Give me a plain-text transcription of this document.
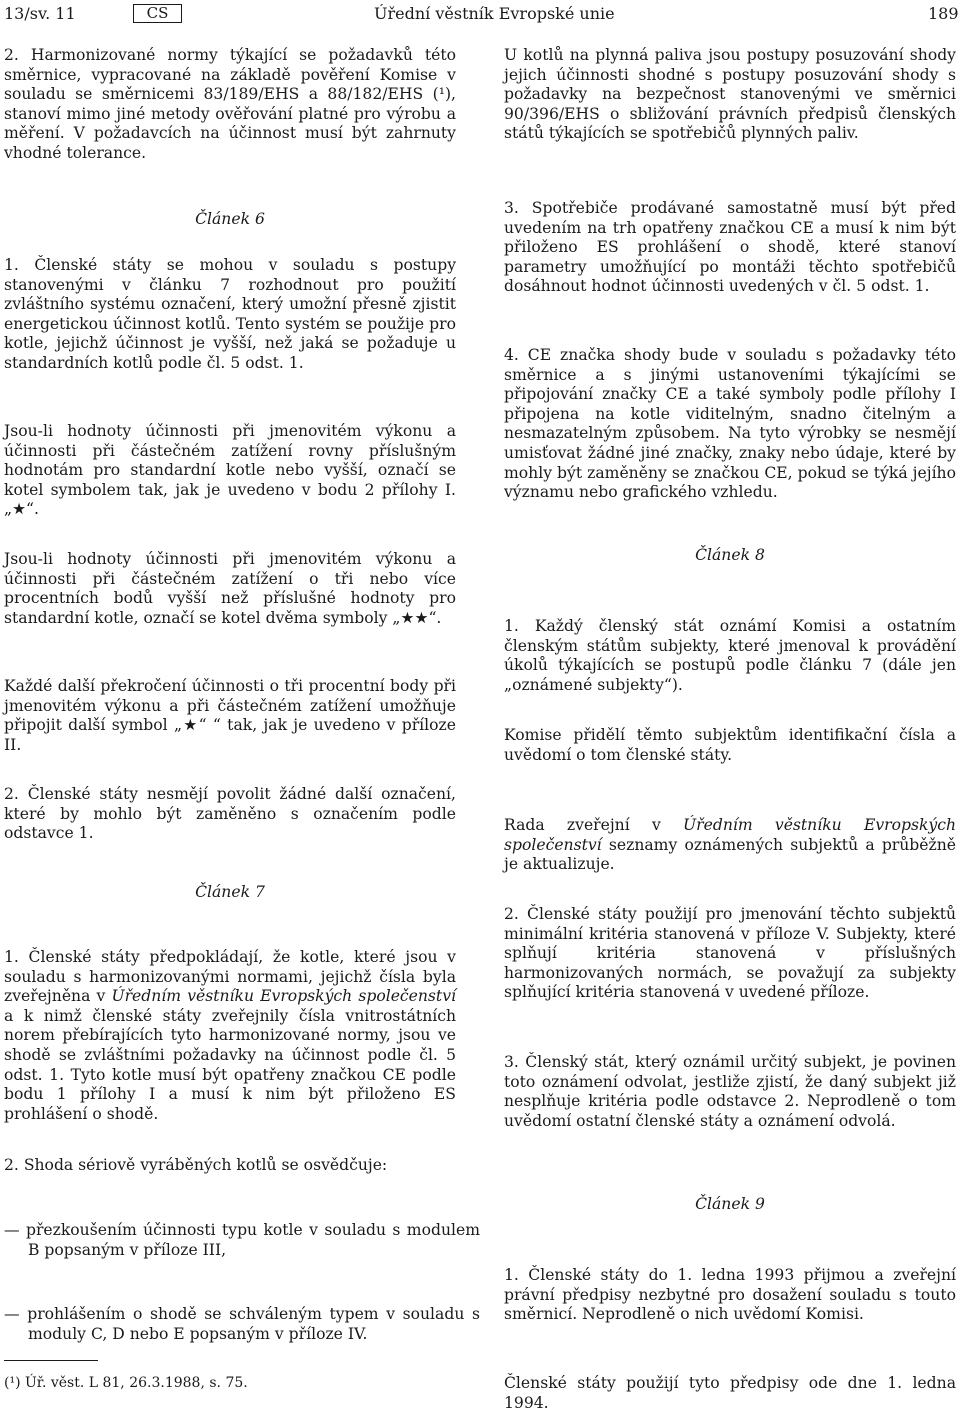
13/sv. 11	CS	Úřední věstník Evropské unie	189

2. Harmonizované normy týkající se požadavků této směrnice, vypracované na základě pověření Komise v souladu se směrnicemi 83/189/EHS a 88/182/EHS (¹), stanoví mimo jiné metody ověřování platné pro výrobu a měření. V požadavcích na účinnost musí být zahrnuty vhodné tolerance.

Článek 6

1. Členské státy se mohou v souladu s postupy stanovenými v článku 7 rozhodnout pro použití zvláštního systému označení, který umožní přesně zjistit energetickou účinnost kotlů. Tento systém se použije pro kotle, jejichž účinnost je vyšší, než jaká se požaduje u standardních kotlů podle čl. 5 odst. 1.

Jsou-li hodnoty účinnosti při jmenovitém výkonu a účinnosti při částečném zatížení rovny příslušným hodnotám pro standardní kotle nebo vyšší, označí se kotel symbolem tak, jak je uvedeno v bodu 2 přílohy I. „★“.

Jsou-li hodnoty účinnosti při jmenovitém výkonu a účinnosti při částečném zatížení o tři nebo více procentních bodů vyšší než příslušné hodnoty pro standardní kotle, označí se kotel dvěma symboly „★★“.

Každé další překročení účinnosti o tři procentní body při jmenovitém výkonu a při částečném zatížení umožňuje připojit další symbol „★“ “ tak, jak je uvedeno v příloze II.

2. Členské státy nesmějí povolit žádné další označení, které by mohlo být zaměněno s označením podle odstavce 1.

Článek 7

1. Členské státy předpokládají, že kotle, které jsou v souladu s harmonizovanými normami, jejichž čísla byla zveřejněna v Úředním věstníku Evropských společenství a k nimž členské státy zveřejnily čísla vnitrostátních norem přebírajících tyto harmonizované normy, jsou ve shodě se zvláštními požadavky na účinnost podle čl. 5 odst. 1. Tyto kotle musí být opatřeny značkou CE podle bodu 1 přílohy I a musí k nim být přiloženo ES prohlášení o shodě.

2. Shoda sériově vyráběných kotlů se osvědčuje:

— přezkoušením účinnosti typu kotle v souladu s modulem B popsaným v příloze III,

— prohlášením o shodě se schváleným typem v souladu s moduly C, D nebo E popsaným v příloze IV.

(¹) Úř. věst. L 81, 26.3.1988, s. 75.

U kotlů na plynná paliva jsou postupy posuzování shody jejich účinnosti shodné s postupy posuzování shody s požadavky na bezpečnost stanovenými ve směrnici 90/396/EHS o sbližování právních předpisů členských států týkajících se spotřebičů plynných paliv.

3. Spotřebiče prodávané samostatně musí být před uvedením na trh opatřeny značkou CE a musí k nim být přiloženo ES prohlášení o shodě, které stanoví parametry umožňující po montáži těchto spotřebičů dosáhnout hodnot účinnosti uvedených v čl. 5 odst. 1.

4. CE značka shody bude v souladu s požadavky této směrnice a s jinými ustanoveními týkajícími se připojování značky CE a také symboly podle přílohy I připojena na kotle viditelným, snadno čitelným a nesmazatelným způsobem. Na tyto výrobky se nesmějí umisťovat žádné jiné značky, znaky nebo údaje, které by mohly být zaměněny se značkou CE, pokud se týká jejího významu nebo grafického vzhledu.

Článek 8

1. Každý členský stát oznámí Komisi a ostatním členským státům subjekty, které jmenoval k provádění úkolů týkajících se postupů podle článku 7 (dále jen „oznámené subjekty“).

Komise přidělí těmto subjektům identifikační čísla a uvědomí o tom členské státy.

Rada zveřejní v Úředním věstníku Evropských společenství seznamy oznámených subjektů a průběžně je aktualizuje.

2. Členské státy použijí pro jmenování těchto subjektů minimální kritéria stanovená v příloze V. Subjekty, které splňují kritéria stanovená v příslušných harmonizovaných normách, se považují za subjekty splňující kritéria stanovená v uvedené příloze.

3. Členský stát, který oznámil určitý subjekt, je povinen toto oznámení odvolat, jestliže zjistí, že daný subjekt již nesplňuje kritéria podle odstavce 2. Neprodleně o tom uvědomí ostatní členské státy a oznámení odvolá.

Článek 9

1. Členské státy do 1. ledna 1993 přijmou a zveřejní právní předpisy nezbytné pro dosažení souladu s touto směrnicí. Neprodleně o nich uvědomí Komisi.

Členské státy použijí tyto předpisy ode dne 1. ledna 1994.
